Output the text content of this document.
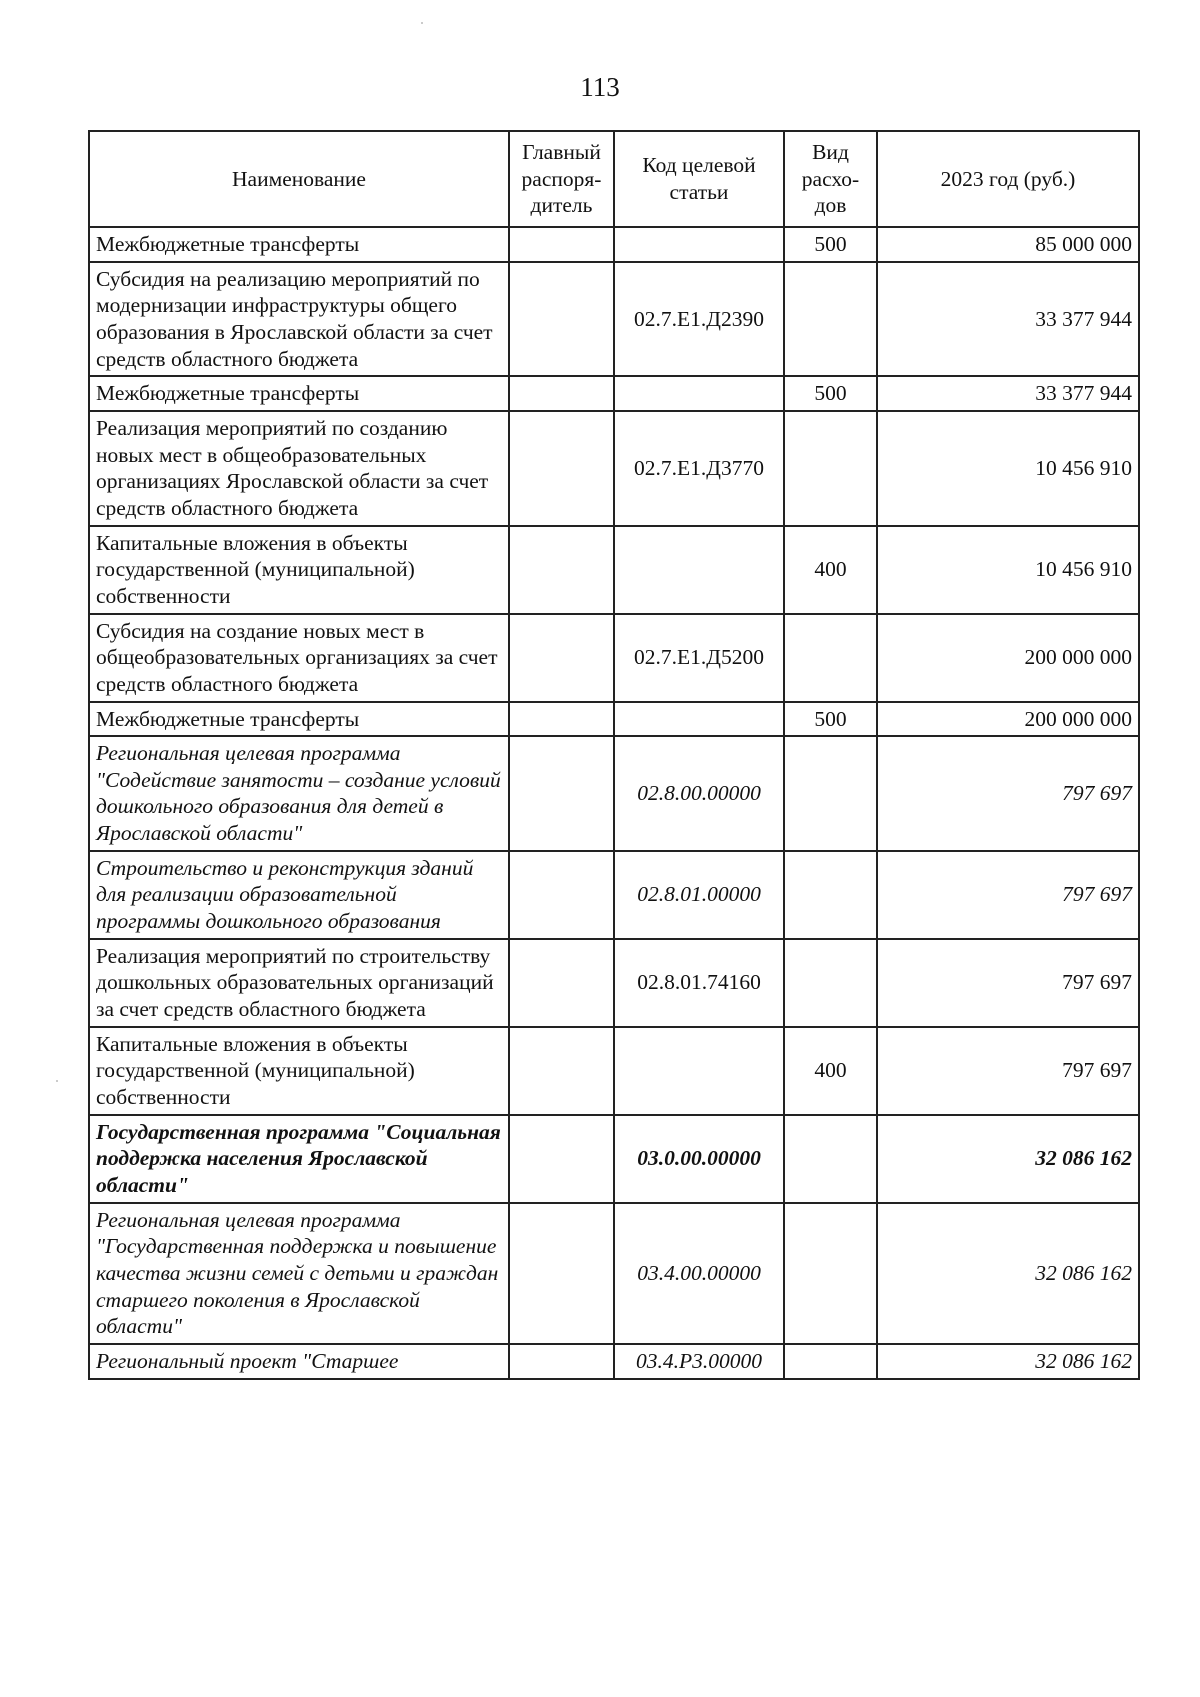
113
Наименование	Главный распоря-дитель	Код целевой статьи	Вид расхо-дов	2023 год (руб.)
Межбюджетные трансферты			500	85 000 000
Субсидия на реализацию мероприятий по модернизации инфраструктуры общего образования в Ярославской области за счет средств областного бюджета		02.7.Е1.Д2390		33 377 944
Межбюджетные трансферты			500	33 377 944
Реализация мероприятий по созданию новых мест в общеобразовательных организациях Ярославской области за счет средств областного бюджета		02.7.Е1.Д3770		10 456 910
Капитальные вложения в объекты государственной (муниципальной) собственности			400	10 456 910
Субсидия на создание новых мест в общеобразовательных организациях за счет средств областного бюджета		02.7.Е1.Д5200		200 000 000
Межбюджетные трансферты			500	200 000 000
Региональная целевая программа "Содействие занятости – создание условий дошкольного образования для детей в Ярославской области"		02.8.00.00000		797 697
Строительство и реконструкция зданий для реализации образовательной программы дошкольного образования		02.8.01.00000		797 697
Реализация мероприятий по строительству дошкольных образовательных организаций за счет средств областного бюджета		02.8.01.74160		797 697
Капитальные вложения в объекты государственной (муниципальной) собственности			400	797 697
Государственная программа "Социальная поддержка населения Ярославской области"		03.0.00.00000		32 086 162
Региональная целевая программа "Государственная поддержка и повышение качества жизни семей с детьми и граждан старшего поколения в Ярославской области"		03.4.00.00000		32 086 162
Региональный проект "Старшее		03.4.Р3.00000		32 086 162
